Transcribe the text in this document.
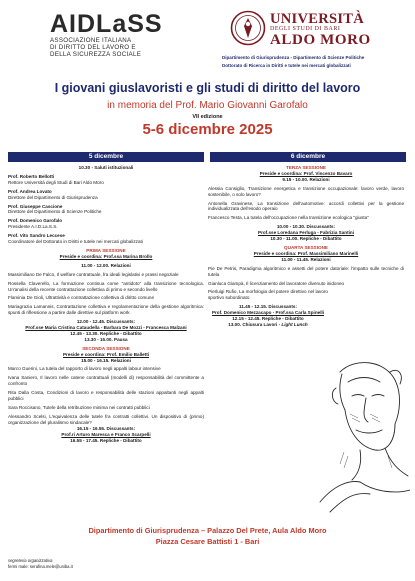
AIDLaSS
ASSOCIAZIONE ITALIANA
DI DIRITTO DEL LAVORO E
DELLA SICUREZZA SOCIALE
UNIVERSITÀ
DEGLI STUDI DI BARI
ALDO MORO
Dipartimento di Giurisprudenza - Dipartimento di Scienze Politiche
Dottorato di Ricerca in Diritti e tutele nei mercati globalizzati
I giovani giuslavoristi e gli studi di diritto del lavoro
in memoria del Prof. Mario Giovanni Garofalo
VII edizione
5-6 dicembre 2025
5 dicembre	6 dicembre
10.30 - Saluti istituzionali
Prof. Roberto Bellotti
Rettore Università degli Studi di Bari Aldo Moro
Prof. Andrea Lovato
Direttore del Dipartimento di Giurisprudenza
Prof. Giuseppe Cascione
Direttore del Dipartimento di Scienze Politiche
Prof. Domenico Garofalo
Presidente A.I.D.La.S.S.
Prof. Vito Sandro Leccese
Coordinatore del Dottorato in Diritti e tutele nei mercati globalizzati
PRIMA SESSIONE
Preside e coordina: Prof.ssa Marina Brollo
11.00 - 12.00. Relazioni
Massimiliano De Falco, Il welfare contrattuale, fra ideali legislativi e prassi negoziale
Rossella Claverello, La formazione continua come "antidoto" alla transizione tecnologica. Un'analisi della recente contrattazione collettiva di primo e secondo livello
Flaminia De Gioli, Ultrattività e contrattazione collettiva di diritto comune
Mariagrazia Lamannis, Contrattazione collettiva e regolamentazione della gestione algoritmica: spunti di riflessione a partire dalle direttive sul platform work
12.00 - 12.45. Discussants:
Prof.sse Maria Cristina Cataudella - Barbara De Mozzi - Francesca Malzani
12.45 - 13.30. Repliche - Dibattito
13.30 - 15.00. Pausa
SECONDA SESSIONE
Preside e coordina: Prof. Emilio Balletti
15.00 - 16.15. Relazioni
Marco Guerini, La tutela del rapporto di lavoro negli appalti labour intensive
Ivana Saniero, Il lavoro nelle catene contrattuali (modelli di) responsabilità del committente a confronto
Rita Dalla Costa, Condizioni di lavoro e responsabilità delle stazioni appaltanti negli appalti pubblici
Sara Roccisano, Tutele della retribuzione minima nei contratti pubblici
Alessandro Scelsi, L'equivalenza delle tutele fra contratti collettivi. Un dispositivo di (primo) organizzazione del pluralismo sindacale?
16.15 - 16.55. Discussants:
Prof.ri Arturo Maresca e Franco Scarpelli
16.55 - 17.45. Repliche - Dibattito
TERZA SESSIONE
Preside e coordina: Prof. Vincenzo Bavaro
9.15 - 10.00. Relazioni
Alessia Consiglio, Transizione energetica e transizione occupazionale: lavoro verde, lavoro sostenibile, o solo lavoro?
Antonella Gravinese, La transizione dell'automotive: accordi collettivi per la gestione individualizzata dell'esodo operaio
Francesco Testa, La tutela dell'occupazione nella transizione ecologica "giusta"
10.00 - 10.30. Discussants:
Prof.sse Loredana Ferluga - Fabrizia Santini
10.30 - 11.00. Repliche - Dibattito
QUARTA SESSIONE
Preside e coordina: Prof. Massimiliano Marinelli
11.00 - 11.45. Relazioni
Pie De Petris, Paradigma algoritmico e assetti del potere datoriale: l'impatto sulle tecniche di tutela
Gianluca Giampà, Il licenziamento del lavoratore divenuto inidoneo
Pierluigi Rufio, La morfologia del potere direttivo nel lavoro sportivo subordinato
11.45 - 12.15. Discussants:
Prof. Domenico Mezzacapo - Prof.ssa Carla Spinelli
12.15 - 12.45. Repliche - Dibattito
13.00. Chiusura Lavori - Light Lunch
Dipartimento di Giurisprudenza – Palazzo Del Prete, Aula Aldo Moro
Piazza Cesare Battisti 1 - Bari
segreteria organizzativa
fermi male: serafina.mele@uniba.it
